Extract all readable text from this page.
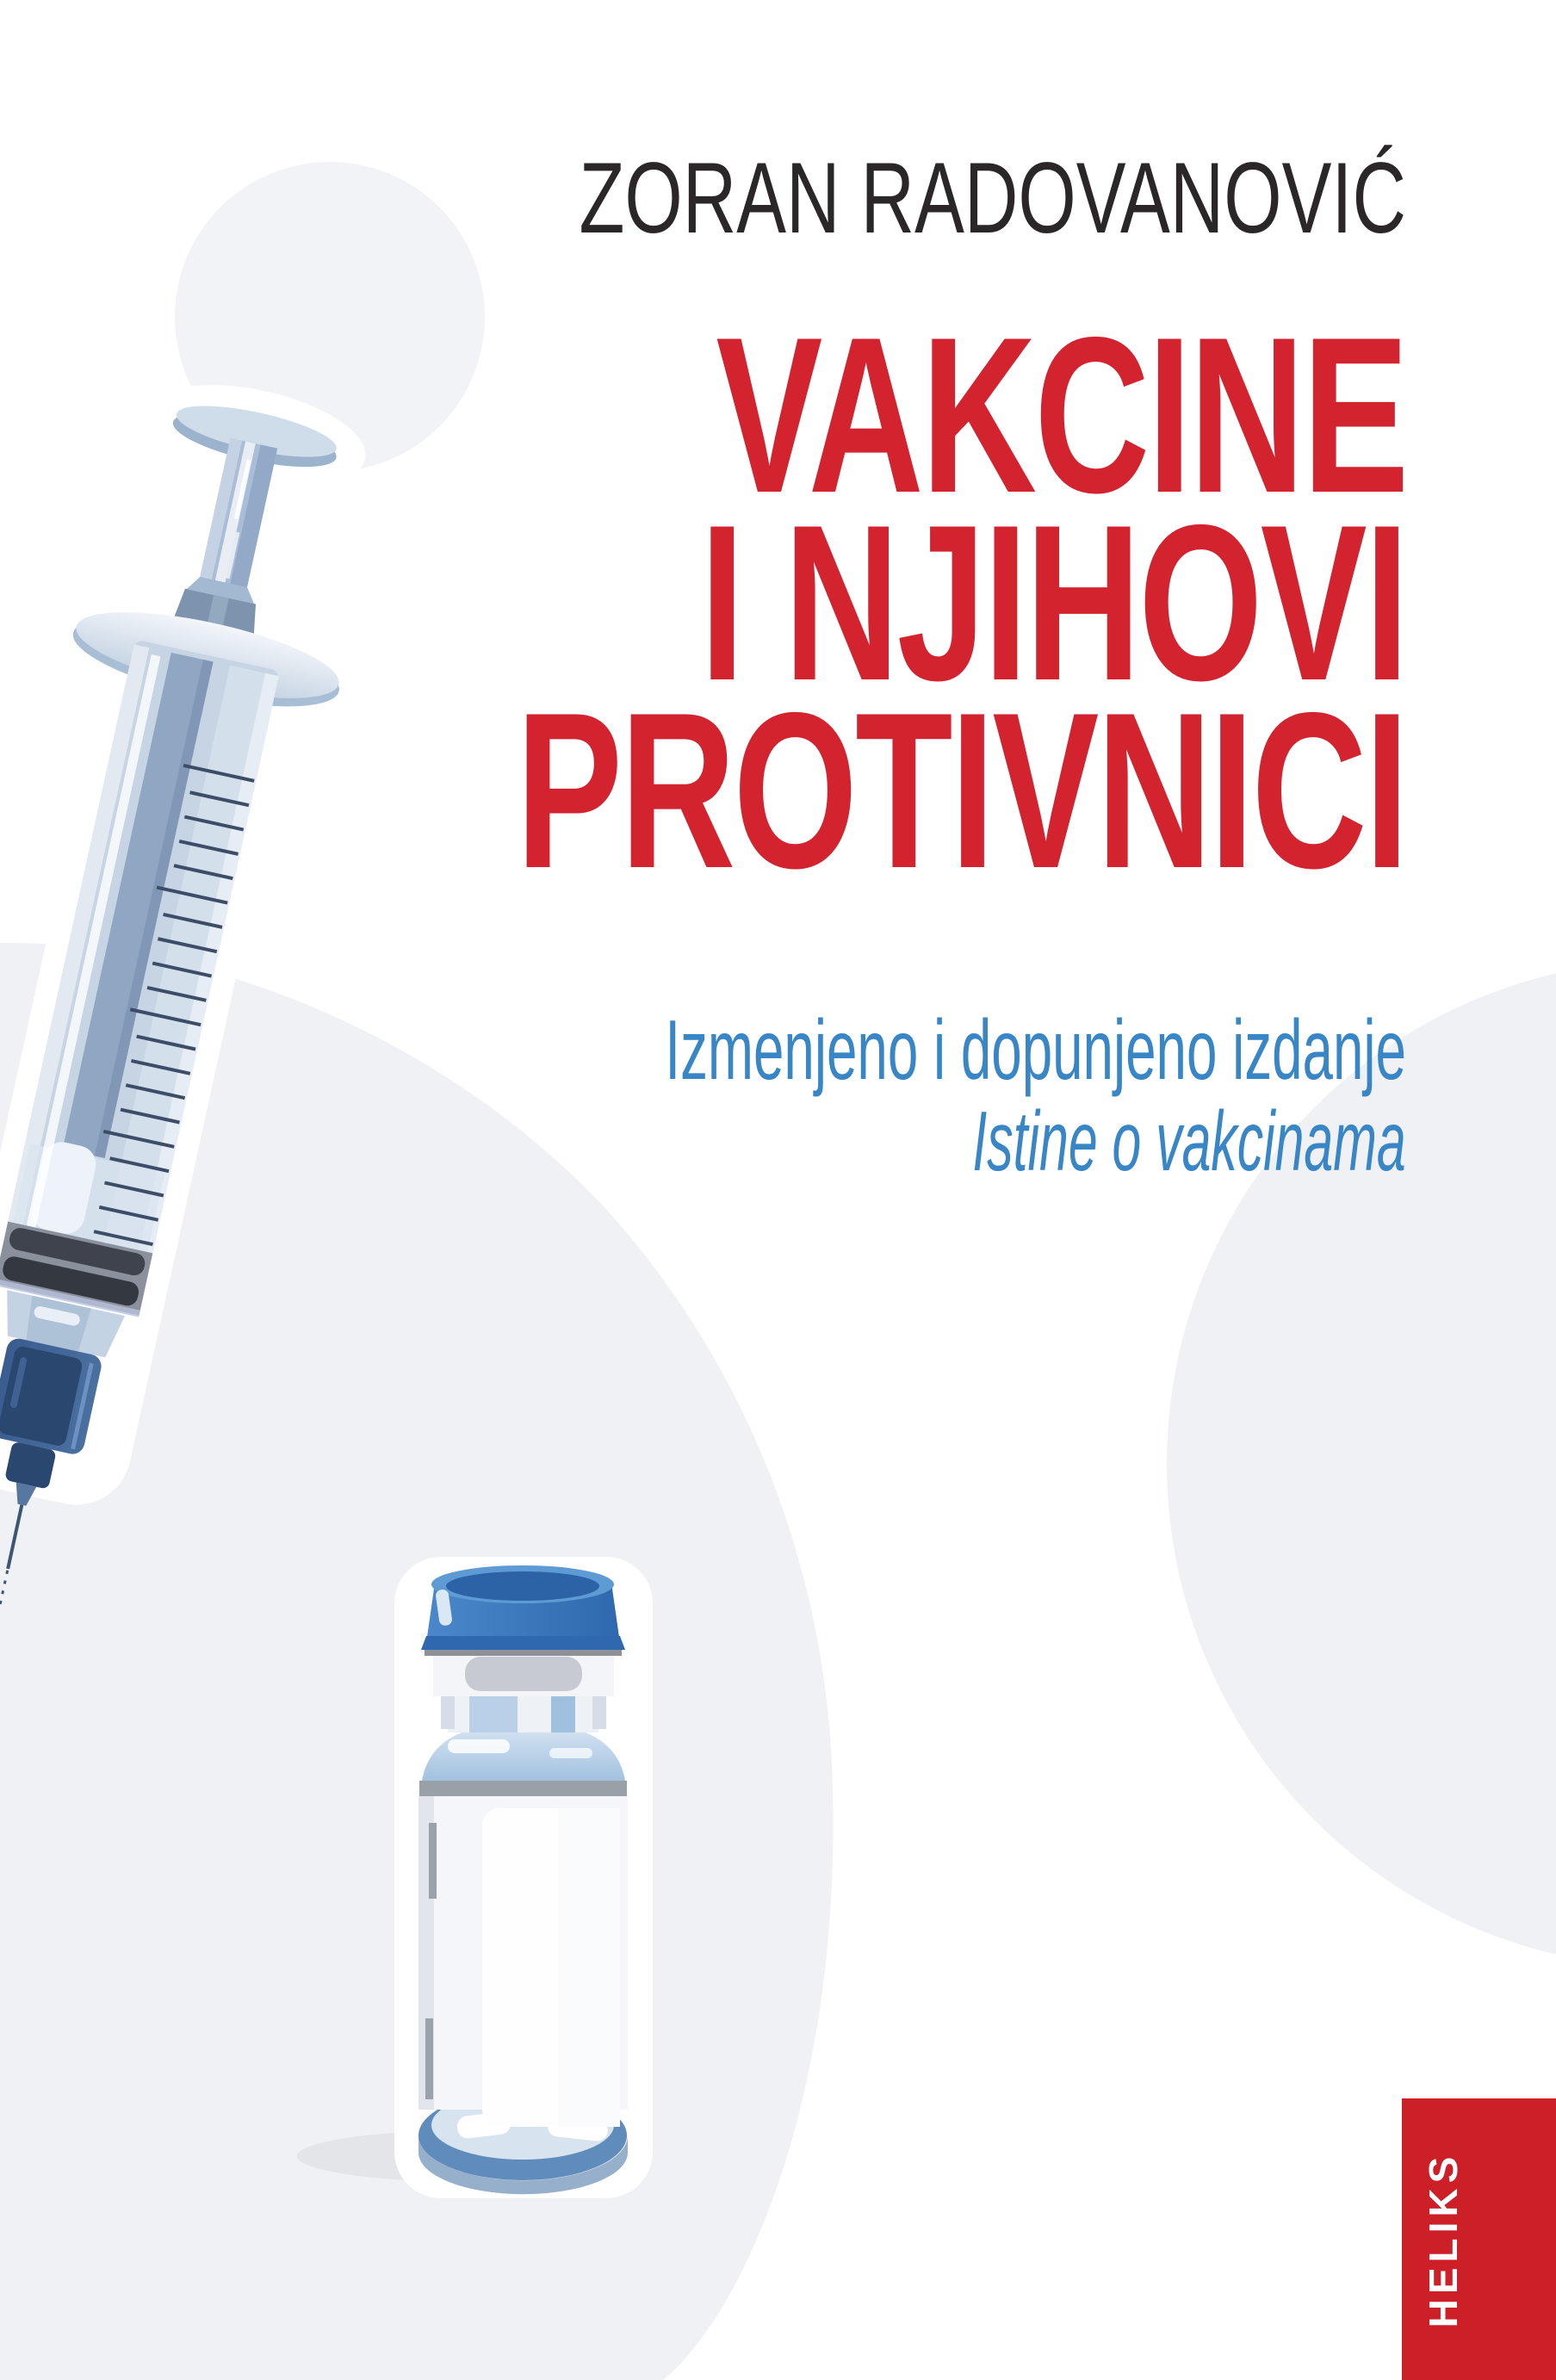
ZORAN RADOVANOVIĆ
VAKCINE
I NJIHOVI
PROTIVNICI
Izmenjeno i dopunjeno izdanje
Istine o vakcinama
HELIKS
